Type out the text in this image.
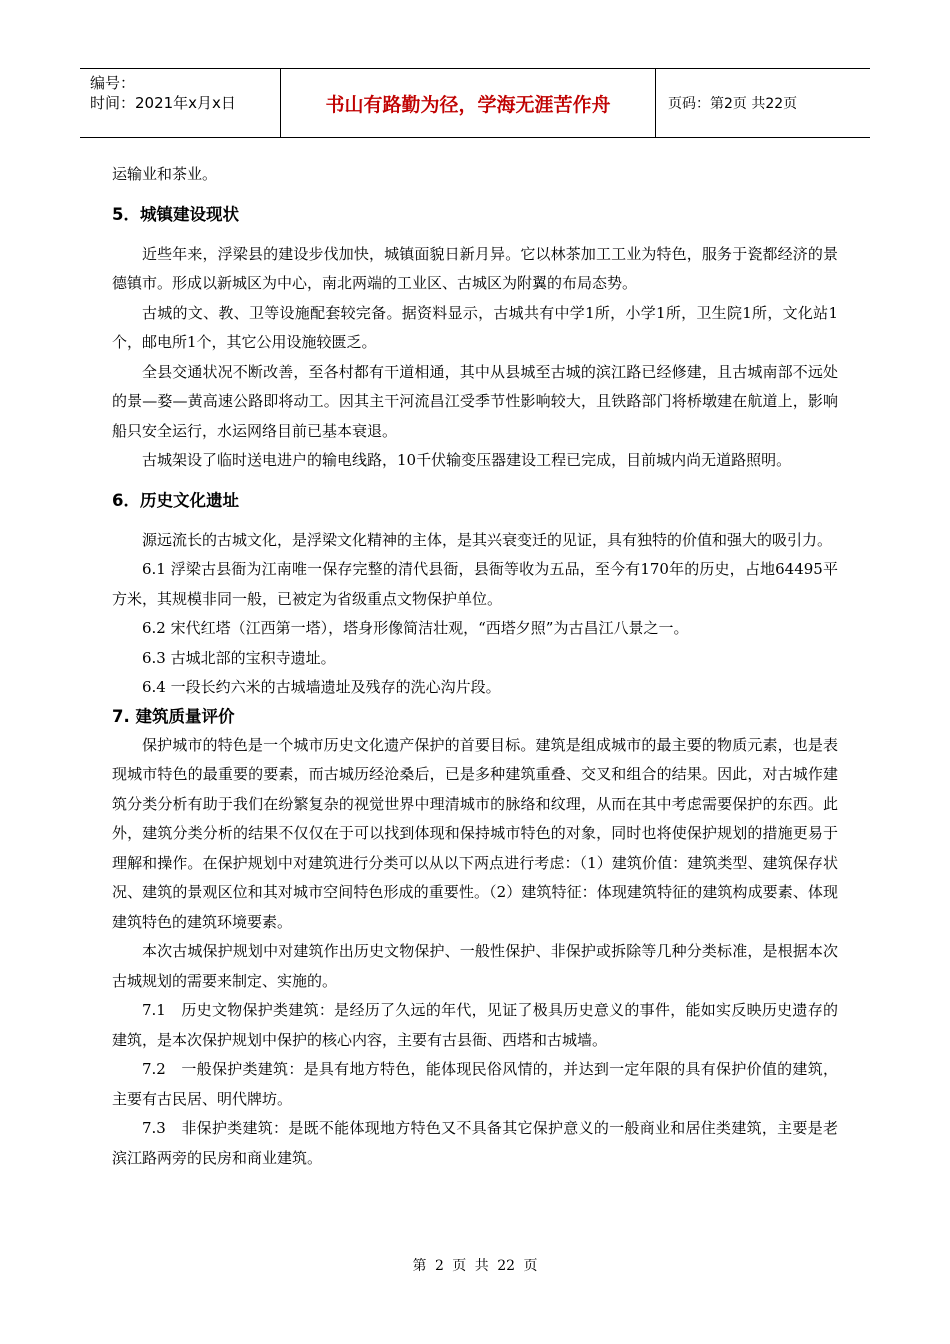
编号：
时间：2021年x月x日	书山有路勤为径，学海无涯苦作舟	页码：第2页 共22页

运输业和茶业。

5．城镇建设现状

近些年来，浮梁县的建设步伐加快，城镇面貌日新月异。它以林茶加工工业为特色，服务于瓷都经济的景德镇市。形成以新城区为中心，南北两端的工业区、古城区为附翼的布局态势。

古城的文、教、卫等设施配套较完备。据资料显示，古城共有中学1所，小学1所，卫生院1所，文化站1个，邮电所1个，其它公用设施较匮乏。

全县交通状况不断改善，至各村都有干道相通，其中从县城至古城的滨江路已经修建，且古城南部不远处的景—婺—黄高速公路即将动工。因其主干河流昌江受季节性影响较大，且铁路部门将桥墩建在航道上，影响船只安全运行，水运网络目前已基本衰退。

古城架设了临时送电进户的输电线路，10千伏输变压器建设工程已完成，目前城内尚无道路照明。

6．历史文化遗址

源远流长的古城文化，是浮梁文化精神的主体，是其兴衰变迁的见证，具有独特的价值和强大的吸引力。

6.1 浮梁古县衙为江南唯一保存完整的清代县衙，县衙等收为五品，至今有170年的历史，占地64495平方米，其规模非同一般，已被定为省级重点文物保护单位。

6.2 宋代红塔（江西第一塔），塔身形像简洁壮观，“西塔夕照”为古昌江八景之一。

6.3 古城北部的宝积寺遗址。

6.4 一段长约六米的古城墙遗址及残存的洗心沟片段。

7. 建筑质量评价

保护城市的特色是一个城市历史文化遗产保护的首要目标。建筑是组成城市的最主要的物质元素，也是表现城市特色的最重要的要素，而古城历经沧桑后，已是多种建筑重叠、交叉和组合的结果。因此，对古城作建筑分类分析有助于我们在纷繁复杂的视觉世界中理清城市的脉络和纹理，从而在其中考虑需要保护的东西。此外，建筑分类分析的结果不仅仅在于可以找到体现和保持城市特色的对象，同时也将使保护规划的措施更易于理解和操作。在保护规划中对建筑进行分类可以从以下两点进行考虑：（1）建筑价值：建筑类型、建筑保存状况、建筑的景观区位和其对城市空间特色形成的重要性。（2）建筑特征：体现建筑特征的建筑构成要素、体现建筑特色的建筑环境要素。

本次古城保护规划中对建筑作出历史文物保护、一般性保护、非保护或拆除等几种分类标准，是根据本次古城规划的需要来制定、实施的。

7.1　历史文物保护类建筑：是经历了久远的年代，见证了极具历史意义的事件，能如实反映历史遗存的建筑，是本次保护规划中保护的核心内容，主要有古县衙、西塔和古城墙。

7.2　一般保护类建筑：是具有地方特色，能体现民俗风情的，并达到一定年限的具有保护价值的建筑，主要有古民居、明代牌坊。

7.3　非保护类建筑：是既不能体现地方特色又不具备其它保护意义的一般商业和居住类建筑，主要是老滨江路两旁的民房和商业建筑。

第 2 页 共 22 页
